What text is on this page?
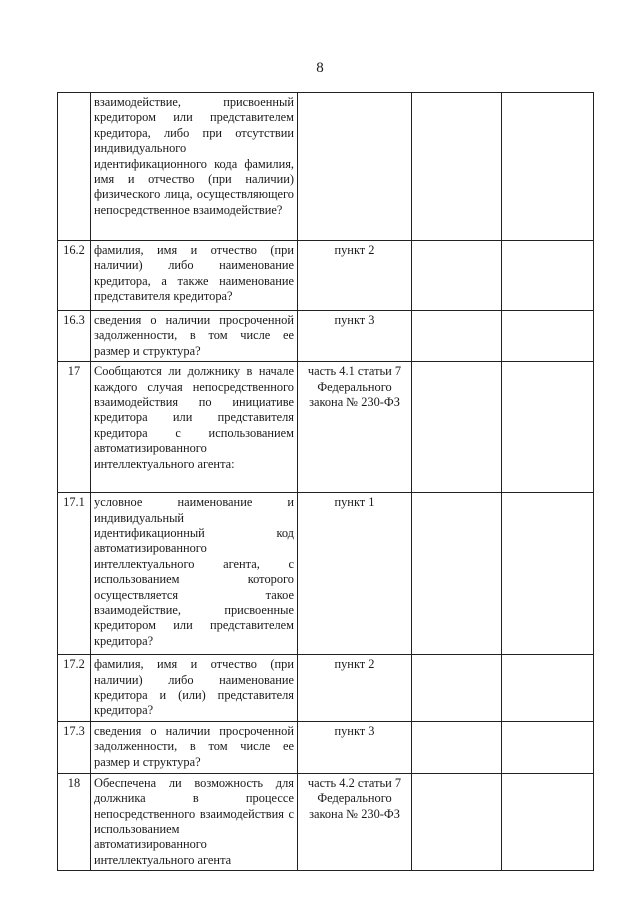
8
	взаимодействие, присвоенный кредитором или представителем кредитора, либо при отсутствии индивидуального идентификационного кода фамилия, имя и отчество (при наличии) физического лица, осуществляющего непосредственное взаимодействие?			
16.2	фамилия, имя и отчество (при наличии) либо наименование кредитора, а также наименование представителя кредитора?	пункт 2		
16.3	сведения о наличии просроченной задолженности, в том числе ее размер и структура?	пункт 3		
17	Сообщаются ли должнику в начале каждого случая непосредственного взаимодействия по инициативе кредитора или представителя кредитора с использованием автоматизированного интеллектуального агента:	часть 4.1 статьи 7 Федерального закона № 230-ФЗ		
17.1	условное наименование и индивидуальный идентификационный код автоматизированного интеллектуального агента, с использованием которого осуществляется такое взаимодействие, присвоенные кредитором или представителем кредитора?	пункт 1		
17.2	фамилия, имя и отчество (при наличии) либо наименование кредитора и (или) представителя кредитора?	пункт 2		
17.3	сведения о наличии просроченной задолженности, в том числе ее размер и структура?	пункт 3		
18	Обеспечена ли возможность для должника в процессе непосредственного взаимодействия с использованием автоматизированного интеллектуального агента	часть 4.2 статьи 7 Федерального закона № 230-ФЗ		
